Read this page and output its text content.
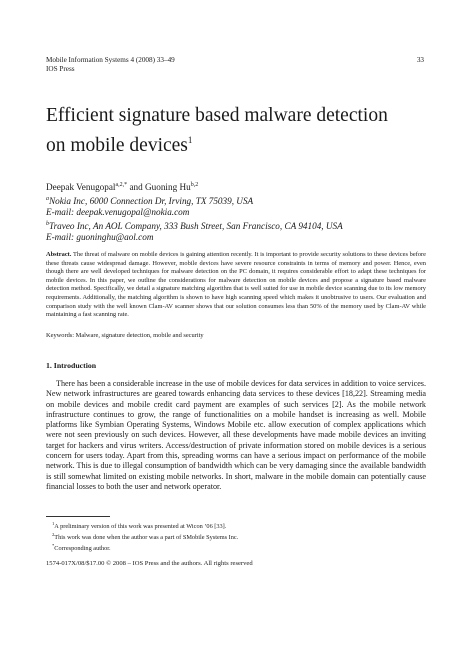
Mobile Information Systems 4 (2008) 33–49
IOS Press
33
Efficient signature based malware detection
on mobile devices$^1$
Deepak Venugopal$^{a,2,*}$ and Guoning Hu$^{b,2}$
$^a$Nokia Inc, 6000 Connection Dr, Irving, TX 75039, USA
E-mail: deepak.venugopal@nokia.com
$^b$Traveo Inc, An AOL Company, 333 Bush Street, San Francisco, CA 94104, USA
E-mail: guoninghu@aol.com
Abstract. The threat of malware on mobile devices is gaining attention recently. It is important to provide security solutions to these devices before these threats cause widespread damage. However, mobile devices have severe resource constraints in terms of memory and power. Hence, even though there are well developed techniques for malware detection on the PC domain, it requires considerable effort to adapt these techniques for mobile devices. In this paper, we outline the considerations for malware detection on mobile devices and propose a signature based malware detection method. Specifically, we detail a signature matching algorithm that is well suited for use in mobile device scanning due to its low memory requirements. Additionally, the matching algorithm is shown to have high scanning speed which makes it unobtrusive to users. Our evaluation and comparison study with the well known Clam-AV scanner shows that our solution consumes less than 50% of the memory used by Clam-AV while maintaining a fast scanning rate.
Keywords: Malware, signature detection, mobile and security
1. Introduction
There has been a considerable increase in the use of mobile devices for data services in addition to voice services. New network infrastructures are geared towards enhancing data services to these devices [18,22]. Streaming media on mobile devices and mobile credit card payment are examples of such services [2]. As the mobile network infrastructure continues to grow, the range of functionalities on a mobile handset is increasing as well. Mobile platforms like Symbian Operating Systems, Windows Mobile etc. allow execution of complex applications which were not seen previously on such devices. However, all these developments have made mobile devices an inviting target for hackers and virus writers. Access/destruction of private information stored on mobile devices is a serious concern for users today. Apart from this, spreading worms can have a serious impact on performance of the mobile network. This is due to illegal consumption of bandwidth which can be very damaging since the available bandwidth is still somewhat limited on existing mobile networks. In short, malware in the mobile domain can potentially cause financial losses to both the user and network operator.
$^1$A preliminary version of this work was presented at Wicon ’06 [33].
$^2$This work was done when the author was a part of SMobile Systems Inc.
*Corresponding author.
1574-017X/08/$17.00 © 2008 – IOS Press and the authors. All rights reserved
